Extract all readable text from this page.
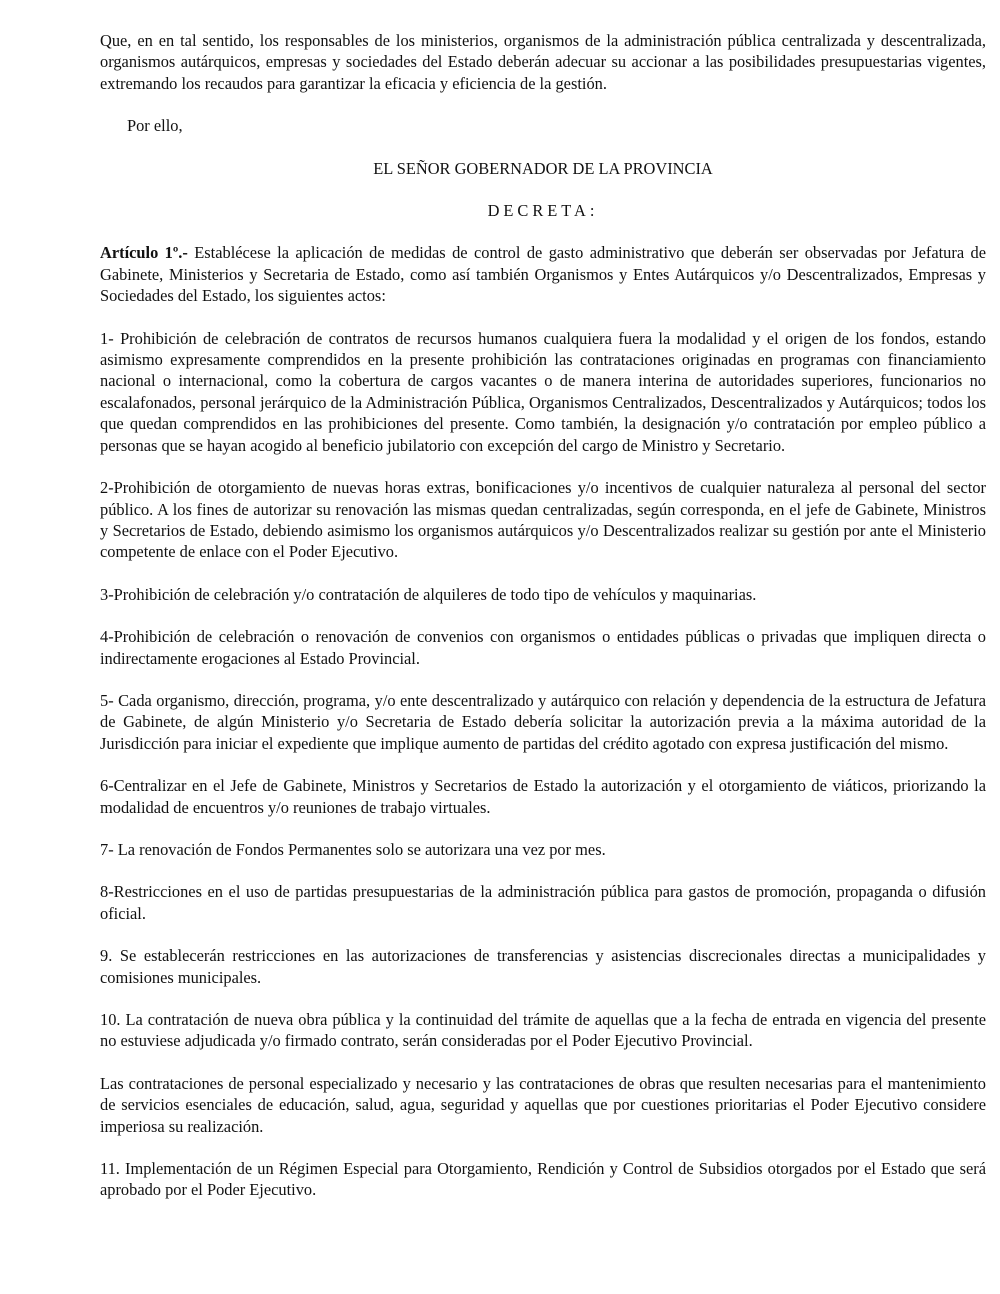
Que, en en tal sentido, los responsables de los ministerios, organismos de la administración pública centralizada y descentralizada, organismos autárquicos, empresas y sociedades del Estado deberán adecuar su accionar a las posibilidades presupuestarias vigentes, extremando los recaudos para garantizar la eficacia y eficiencia de la gestión.

Por ello,

EL SEÑOR GOBERNADOR DE LA PROVINCIA

DECRETA:

Artículo 1º.- Establécese la aplicación de medidas de control de gasto administrativo que deberán ser observadas por Jefatura de Gabinete, Ministerios y Secretaria de Estado, como así también Organismos y Entes Autárquicos y/o Descentralizados, Empresas y Sociedades del Estado, los siguientes actos:

1- Prohibición de celebración de contratos de recursos humanos cualquiera fuera la modalidad y el origen de los fondos, estando asimismo expresamente comprendidos en la presente prohibición las contrataciones originadas en programas con financiamiento nacional o internacional, como la cobertura de cargos vacantes o de manera interina de autoridades superiores, funcionarios no escalafonados, personal jerárquico de la Administración Pública, Organismos Centralizados, Descentralizados y Autárquicos; todos los que quedan comprendidos en las prohibiciones del presente. Como también, la designación y/o contratación por empleo público a personas que se hayan acogido al beneficio jubilatorio con excepción del cargo de Ministro y Secretario.

2-Prohibición de otorgamiento de nuevas horas extras, bonificaciones y/o incentivos de cualquier naturaleza al personal del sector público. A los fines de autorizar su renovación las mismas quedan centralizadas, según corresponda, en el jefe de Gabinete, Ministros y Secretarios de Estado, debiendo asimismo los organismos autárquicos y/o Descentralizados realizar su gestión por ante el Ministerio competente de enlace con el Poder Ejecutivo.

3-Prohibición de celebración y/o contratación de alquileres de todo tipo de vehículos y maquinarias.

4-Prohibición de celebración o renovación de convenios con organismos o entidades públicas o privadas que impliquen directa o indirectamente erogaciones al Estado Provincial.

5- Cada organismo, dirección, programa, y/o ente descentralizado y autárquico con relación y dependencia de la estructura de Jefatura de Gabinete, de algún Ministerio y/o Secretaria de Estado debería solicitar la autorización previa a la máxima autoridad de la Jurisdicción para iniciar el expediente que implique aumento de partidas del crédito agotado con expresa justificación del mismo.

6-Centralizar en el Jefe de Gabinete, Ministros y Secretarios de Estado la autorización y el otorgamiento de viáticos, priorizando la modalidad de encuentros y/o reuniones de trabajo virtuales.

7- La renovación de Fondos Permanentes solo se autorizara una vez por mes.

8-Restricciones en el uso de partidas presupuestarias de la administración pública para gastos de promoción, propaganda o difusión oficial.

9. Se establecerán restricciones en las autorizaciones de transferencias y asistencias discrecionales directas a municipalidades y comisiones municipales.

10. La contratación de nueva obra pública y la continuidad del trámite de aquellas que a la fecha de entrada en vigencia del presente no estuviese adjudicada y/o firmado contrato, serán consideradas por el Poder Ejecutivo Provincial.

Las contrataciones de personal especializado y necesario y las contrataciones de obras que resulten necesarias para el mantenimiento de servicios esenciales de educación, salud, agua, seguridad y aquellas que por cuestiones prioritarias el Poder Ejecutivo considere imperiosa su realización.

11. Implementación de un Régimen Especial para Otorgamiento, Rendición y Control de Subsidios otorgados por el Estado que será aprobado por el Poder Ejecutivo.
